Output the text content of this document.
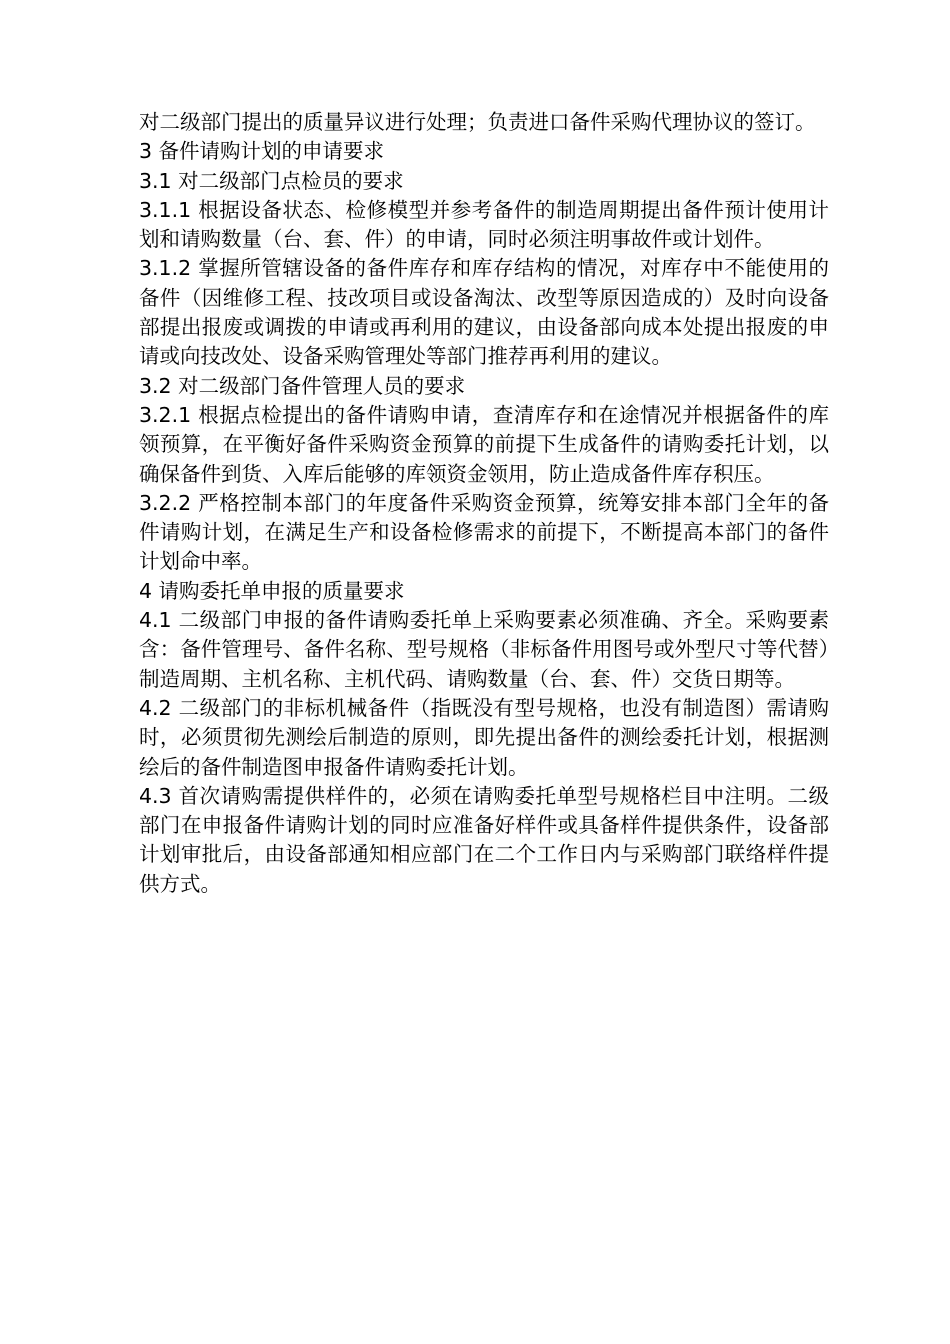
对二级部门提出的质量异议进行处理；负责进口备件采购代理协议的签订。

3 备件请购计划的申请要求

3.1 对二级部门点检员的要求

3.1.1 根据设备状态、检修模型并参考备件的制造周期提出备件预计使用计划和请购数量（台、套、件）的申请，同时必须注明事故件或计划件。

3.1.2 掌握所管辖设备的备件库存和库存结构的情况，对库存中不能使用的备件（因维修工程、技改项目或设备淘汰、改型等原因造成的）及时向设备部提出报废或调拨的申请或再利用的建议，由设备部向成本处提出报废的申请或向技改处、设备采购管理处等部门推荐再利用的建议。

3.2 对二级部门备件管理人员的要求

3.2.1 根据点检提出的备件请购申请，查清库存和在途情况并根据备件的库领预算，在平衡好备件采购资金预算的前提下生成备件的请购委托计划，以确保备件到货、入库后能够的库领资金领用，防止造成备件库存积压。

3.2.2 严格控制本部门的年度备件采购资金预算，统筹安排本部门全年的备件请购计划，在满足生产和设备检修需求的前提下，不断提高本部门的备件计划命中率。

4 请购委托单申报的质量要求

4.1 二级部门申报的备件请购委托单上采购要素必须准确、齐全。采购要素含：备件管理号、备件名称、型号规格（非标备件用图号或外型尺寸等代替）制造周期、主机名称、主机代码、请购数量（台、套、件）交货日期等。

4.2 二级部门的非标机械备件（指既没有型号规格，也没有制造图）需请购时，必须贯彻先测绘后制造的原则，即先提出备件的测绘委托计划，根据测绘后的备件制造图申报备件请购委托计划。

4.3 首次请购需提供样件的，必须在请购委托单型号规格栏目中注明。二级部门在申报备件请购计划的同时应准备好样件或具备样件提供条件，设备部计划审批后，由设备部通知相应部门在二个工作日内与采购部门联络样件提供方式。
